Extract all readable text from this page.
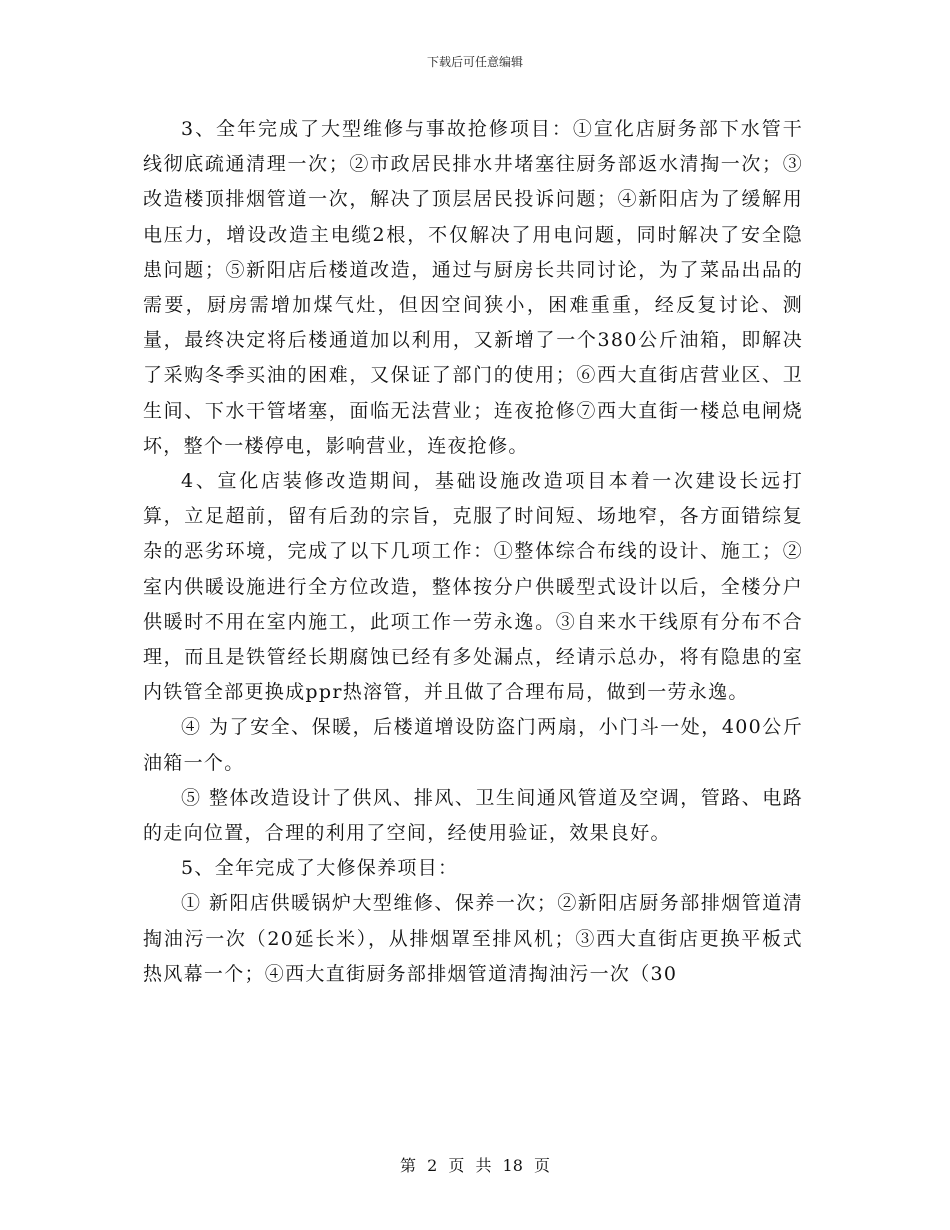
下载后可任意编辑

3、全年完成了大型维修与事故抢修项目：①宣化店厨务部下水管干线彻底疏通清理一次；②市政居民排水井堵塞往厨务部返水清掏一次；③改造楼顶排烟管道一次，解决了顶层居民投诉问题；④新阳店为了缓解用电压力，增设改造主电缆2根，不仅解决了用电问题，同时解决了安全隐患问题；⑤新阳店后楼道改造，通过与厨房长共同讨论，为了菜品出品的需要，厨房需增加煤气灶，但因空间狭小，困难重重，经反复讨论、测量，最终决定将后楼通道加以利用，又新增了一个380公斤油箱，即解决了采购冬季买油的困难，又保证了部门的使用；⑥西大直街店营业区、卫生间、下水干管堵塞，面临无法营业；连夜抢修⑦西大直街一楼总电闸烧坏，整个一楼停电，影响营业，连夜抢修。

4、宣化店装修改造期间，基础设施改造项目本着一次建设长远打算，立足超前，留有后劲的宗旨，克服了时间短、场地窄，各方面错综复杂的恶劣环境，完成了以下几项工作：①整体综合布线的设计、施工；②室内供暖设施进行全方位改造，整体按分户供暖型式设计以后，全楼分户供暖时不用在室内施工，此项工作一劳永逸。③自来水干线原有分布不合理，而且是铁管经长期腐蚀已经有多处漏点，经请示总办，将有隐患的室内铁管全部更换成ppr热溶管，并且做了合理布局，做到一劳永逸。

④ 为了安全、保暖，后楼道增设防盗门两扇，小门斗一处，400公斤油箱一个。

⑤ 整体改造设计了供风、排风、卫生间通风管道及空调，管路、电路的走向位置，合理的利用了空间，经使用验证，效果良好。

5、全年完成了大修保养项目：

① 新阳店供暖锅炉大型维修、保养一次；②新阳店厨务部排烟管道清掏油污一次（20延长米），从排烟罩至排风机；③西大直街店更换平板式热风幕一个；④西大直街厨务部排烟管道清掏油污一次（30

第 2 页 共 18 页
